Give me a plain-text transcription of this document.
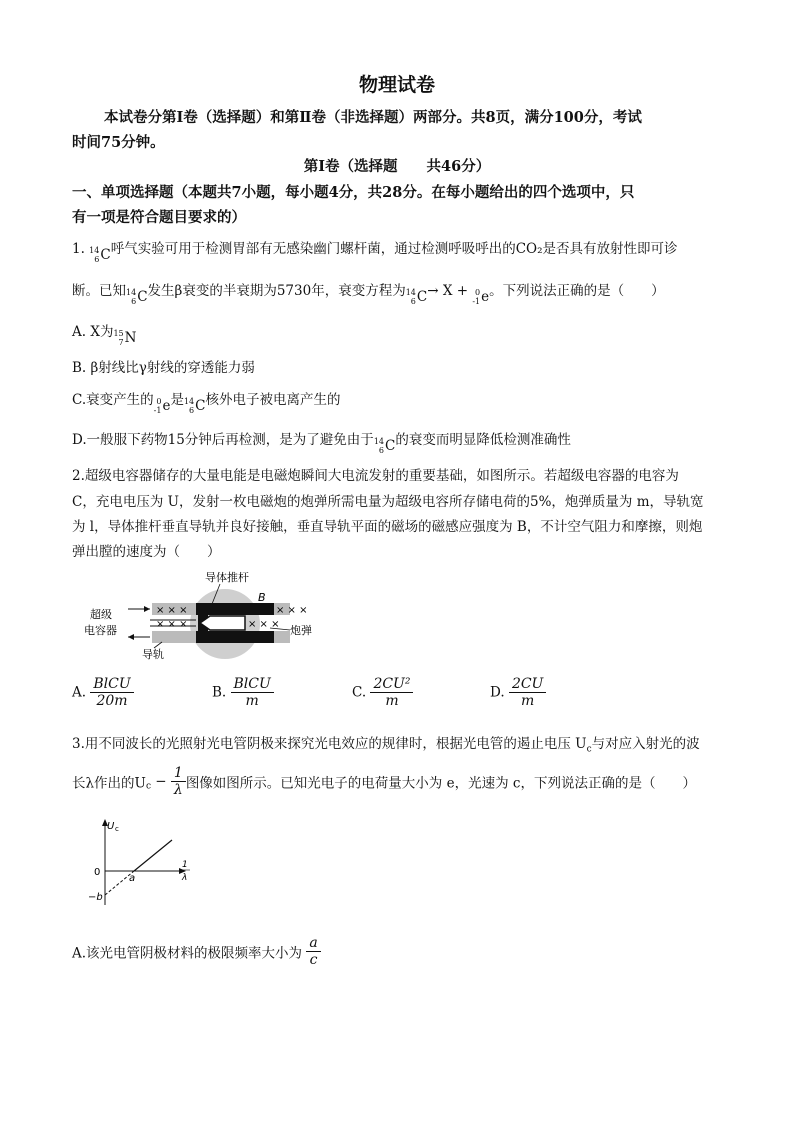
物理试卷
本试卷分第Ⅰ卷（选择题）和第Ⅱ卷（非选择题）两部分。共8页，满分100分，考试
时间75分钟。
第Ⅰ卷（选择题　　共46分）
一、单项选择题（本题共7小题，每小题4分，共28分。在每小题给出的四个选项中，只
有一项是符合题目要求的）
1. 14
6 C 呼气实验可用于检测胃部有无感染幽门螺杆菌，通过检测呼吸呼出的CO₂是否具有放射性即可诊
断。已知 14
6 C 发生β衰变的半衰期为5730年，衰变方程为 14
6 C → X + 0
-1 e 。下列说法正确的是（　　）
A. X为 15
7 N
B. β射线比γ射线的穿透能力弱
C.衰变产生的 0
-1 e 是 14
6 C 核外电子被电离产生的
D.一般服下药物15分钟后再检测，是为了避免由于 14
6 C 的衰变而明显降低检测准确性
2.超级电容器储存的大量电能是电磁炮瞬间大电流发射的重要基础，如图所示。若超级电容器的电容为
C，充电电压为 U，发射一枚电磁炮的炮弹所需电量为超级电容所存储电荷的5%，炮弹质量为 m，导轨宽
为 l，导体推杆垂直导轨并良好接触，垂直导轨平面的磁场的磁感应强度为 B，不计空气阻力和摩擦，则炮
弹出膛的速度为（　　）
× × ×	× × ×
× × ×	× × ×
导体推杆
B
超级
电容器	炮弹
导轨
A. $\frac{\text{BlCU}}{20m}$	B. $\frac{\text{BlCU}}{m}$	C. $\frac{\text{2CU²}}{m}$	D. $\frac{2CU}{m}$
3.用不同波长的光照射光电管阴极来探究光电效应的规律时，根据光电管的遏止电压 $U_c$与对应入射光的波
长λ作出的$U_c - \frac{1}{\lambda}$ 图像如图所示。已知光电子的电荷量大小为 e，光速为 c，下列说法正确的是（　　）
U c
0
−b
a
1
λ
A.该光电管阴极材料的极限频率大小为 $\frac{a}{c}$
